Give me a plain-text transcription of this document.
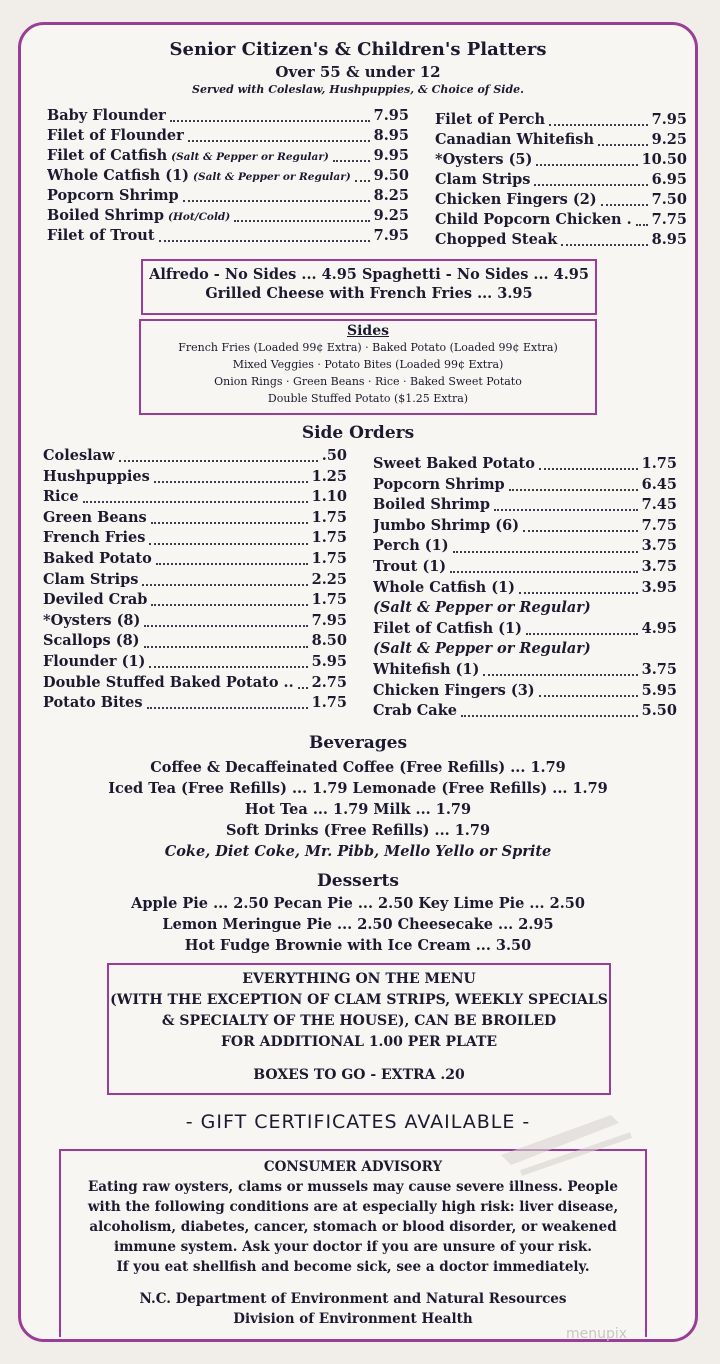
Senior Citizen's & Children's Platters
Over 55 & under 12
Served with Coleslaw, Hushpuppies, & Choice of Side.
Baby Flounder	7.95
Filet of Flounder	8.95
Filet of Catfish (Salt & Pepper or Regular)	9.95
Whole Catfish (1) (Salt & Pepper or Regular) 9.50
Popcorn Shrimp	8.25
Boiled Shrimp (Hot/Cold)	9.25
Filet of Trout	7.95
Filet of Perch	7.95
Canadian Whitefish	9.25
*Oysters (5)	10.50
Clam Strips	6.95
Chicken Fingers (2)	7.50
Child Popcorn Chicken . 7.75
Chopped Steak	8.95
Alfredo - No Sides ... 4.95 Spaghetti - No Sides ... 4.95
Grilled Cheese with French Fries ... 3.95
Sides
French Fries (Loaded 99¢ Extra) · Baked Potato (Loaded 99¢ Extra)
Mixed Veggies · Potato Bites (Loaded 99¢ Extra)
Onion Rings · Green Beans · Rice · Baked Sweet Potato
Double Stuffed Potato ($1.25 Extra)
Side Orders
Coleslaw	.50
Hushpuppies	1.25
Rice	1.10
Green Beans	1.75
French Fries	1.75
Baked Potato	1.75
Clam Strips	2.25
Deviled Crab	1.75
*Oysters (8)	7.95
Scallops (8)	8.50
Flounder (1)	5.95
Double Stuffed Baked Potato .. 2.75
Potato Bites	1.75
Sweet Baked Potato	1.75
Popcorn Shrimp	6.45
Boiled Shrimp	7.45
Jumbo Shrimp (6)	7.75
Perch (1)	3.75
Trout (1)	3.75
Whole Catfish (1)	3.95
(Salt & Pepper or Regular)
Filet of Catfish (1)	4.95
(Salt & Pepper or Regular)
Whitefish (1)	3.75
Chicken Fingers (3)	5.95
Crab Cake	5.50
Beverages
Coffee & Decaffeinated Coffee (Free Refills) ... 1.79
Iced Tea (Free Refills) ... 1.79 Lemonade (Free Refills) ... 1.79
Hot Tea ... 1.79 Milk ... 1.79
Soft Drinks (Free Refills) ... 1.79
Coke, Diet Coke, Mr. Pibb, Mello Yello or Sprite
Desserts
Apple Pie ... 2.50 Pecan Pie ... 2.50 Key Lime Pie ... 2.50
Lemon Meringue Pie ... 2.50 Cheesecake ... 2.95
Hot Fudge Brownie with Ice Cream ... 3.50
EVERYTHING ON THE MENU
(WITH THE EXCEPTION OF CLAM STRIPS, WEEKLY SPECIALS
& SPECIALTY OF THE HOUSE), CAN BE BROILED
FOR ADDITIONAL 1.00 PER PLATE
BOXES TO GO - EXTRA .20
- GIFT CERTIFICATES AVAILABLE -
CONSUMER ADVISORY
Eating raw oysters, clams or mussels may cause severe illness. People
with the following conditions are at especially high risk: liver disease,
alcoholism, diabetes, cancer, stomach or blood disorder, or weakened
immune system. Ask your doctor if you are unsure of your risk.
If you eat shellfish and become sick, see a doctor immediately.
N.C. Department of Environment and Natural Resources
Division of Environment Health
menupix
